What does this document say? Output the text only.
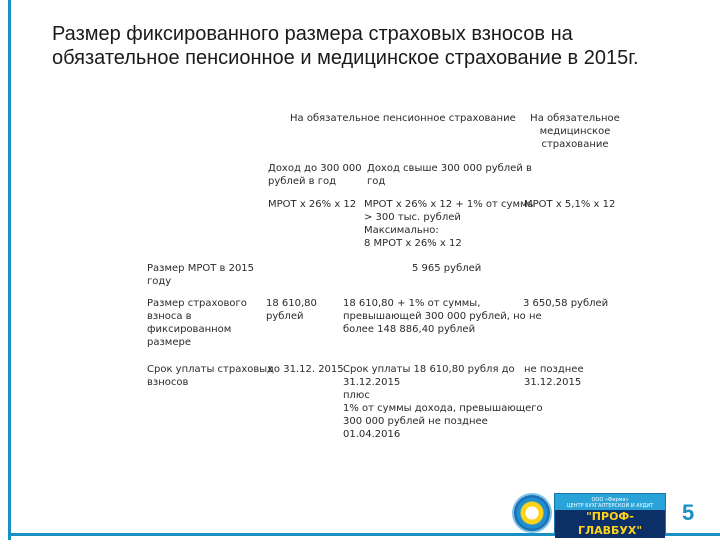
Размер фиксированного размера страховых взносов на обязательное пенсионное и медицинское страхование в 2015г.
На обязательное пенсионное страхование На обязательное
медицинское
страхование
Доход до 300 000
рублей в год
Доход свыше 300 000 рублей в
год
МРОТ х 26% х 12 МРОТ х 26% х 12 + 1% от суммы
> 300 тыс. рублей
Максимально:
8 МРОТ х 26% х 12
МРОТ х 5,1% х 12
Размер МРОТ в 2015
году
5 965 рублей
Размер страхового
взноса в
фиксированном
размере
18 610,80
рублей
18 610,80 + 1% от суммы,
превышающей 300 000 рублей, но не
более 148 886,40 рублей
3 650,58 рублей
Срок уплаты страховых
взносов
до 31.12. 2015 Срок уплаты 18 610,80 рубля до
31.12.2015
плюс
1% от суммы дохода, превышающего
300 000 рублей не позднее
01.04.2016
не позднее
31.12.2015
ООО «Фирма»
ЦЕНТР БУХГАЛТЕРСКОЙ И АУДИТ
"ПРОФ-ГЛАВБУХ"
ЦЕНТР ПРОФЕССИОНАЛЬНОГО
5
